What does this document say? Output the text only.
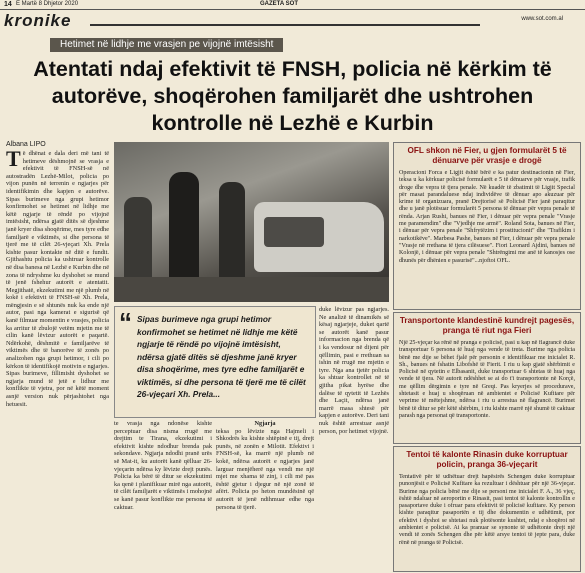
14 E Martë 8 Dhjetor 2020	GAZETA SOT
kronike	www.sot.com.al
Hetimet në lidhje me vrasjen pe vijojnë imtësisht
Atentati ndaj efektivit të FNSH, policia në kërkim të autorëve, shoqërohen familjarët dhe ushtrohen kontrolle në Lezhë e Kurbin
Albana LIPO
T ë dhënat e dala deri më tani të hetimeve dëshmojnë se vrasja e efektivit të FNSH-së në autostradën Lezhë-Milot, policia po vijon punën në terrenin e ngjarjes për identifikimin dhe kapjen e autorëve. Sipas burimeve nga grupi hetimor konfirmohet se hetimet në lidhje me këtë ngjarje të rëndë po vijojnë imtësisht, ndërsa gjatë ditës së djeshme janë kryer disa shoqërime, mes tyre edhe familjarë e viktimës, si dhe persona të tjerë me të cilët 26-vjeçari Xh. Prela kishte pasur kontakte në ditë e fundit. Gjithashtu policia ka ushtruar kontrolle në disa banesa në Lezhë e Kurbin dhe në zona të ndryshme ku dyshohet se mund të jenë fshehur autorët e atentatit. Megjithatë, ekzekutimi me një plumb në kokë i efektivit të FNSH-së Xh. Prela, mëngjesin e së shtunës nuk ka ende një autor, pasi nga kamerat e sigurisë që kanë filmuar momentin e vrasjes, policia ka arritur të zbulojë vetëm mjetin me të cilin kanë lëvizur autorët e paqartë. Ndërkohë, dëshmitë e familjarëve të viktimës dhe të banorëve të zonës po analizohen nga grupi hetimor, i cili po kërkon të identifikojë motivin e ngjarjes. Sipas burimeve, fillimisht dyshohet se ngjarja mund të jetë e lidhur me konflikte të vjetra, por në këtë moment asnjë version nuk përjashtohet nga hetuesit.
“ Sipas burimeve nga grupi hetimor konfirmohet se hetimet në lidhje me këtë ngjarje të rëndë po vijojnë imtësisht, ndërsa gjatë ditës së djeshme janë kryer disa shoqërime, mes tyre edhe familjarët e viktimës, si dhe persona të tjerë me të cilët 26-vjeçari Xh. Prela...
te vrasja nga ndonëse kishte perceptuar disa nisma rrugë me drejtim te Tirana, ekzekutimi i efektivit kishte ndodhur brenda pak sekondave. Ngjarja ndodhi pranë urës së Mat-it, ku autorët kanë qëlluar 26-vjeçarin ndërsa ky lëvizte drejt punës. Policia ka bërë të ditur se ekzekutimi ka qenë i planifikuar mirë nga autorët, të cilët familjarët e viktimës i mohojnë se kanë pasur konflikte me persona të caktuar.
Ngjarja
teksa po lëvizte nga Hajmeli i Shkodrës ku kishte shtëpinë e tij, drejt punës, në zonën e Milotit. Efektivi i FNSH-së, ka marrë një plumb në kokë, ndërsa autorët e ngjarjes janë larguar menjëherë nga vendi me një mjet me xhama të zinj, i cili më pas është gjetur i djegur në një zonë të afërt. Policia po heton mundësinë që autorët të jenë ndihmuar edhe nga persona të tjerë.
duke lëvizur pas ngjarjes. Ne analizë të dinamikës së kësaj ngjarjeje, duket qartë se autorët kanë pasur informacion nga brenda që i ka vendosur në dijeni për qëllimin, pasi e rrethuan sa ishin në rrugë me mjetin e tyre. Nga ana tjetër policia ka shtuar kontrollet në të gjitha pikat hyrëse dhe dalëse të qytetit të Lezhës dhe Laçit, ndërsa janë marrë masa shtesë për kapjen e autorëve. Deri tani nuk është arrestuar asnjë person, por hetimet vijojnë.
OFL shkon në Fier, u gjen formularët 5 të dënuarve për vrasje e drogë
Operacioni Forca e Ligjit është bërë e ka patur destinacionin në Fier, teksa u ka kërkuar policisë formularët e 5 të dënuarve për vrasje, trafik droge dhe vepra të tjera penale. Në kuadër të zbatimit të Ligjit Special për masat parandaluese ndaj individëve të dënuar apo akuzuar për krime të organizuara, pranë Drejtorisë së Policisë Fier janë paraqitur dhe u janë plotësuar formularët 5 persona të dënuar për vepra penale të rënda. Arjan Rushi, banues në Fier, i dënuar për vepra penale "Vrasje me paramendim" dhe "Vjedhje me armë". Roland Sota, banues në Fier, i dënuar për vepra penale "Shfrytëzim i prostitucionit" dhe "Trafikim i narkotikëve". Marbesa Pashe, banues në Fier, i dënuar për vepra penale "Vrasje në rrethana të tjera cilësuese". Fiori Leonard Ajdini, banues në Kolonjë, i dënuar për vepra penale "Shtrëngimi me anë të kanosjes ose dhunës për dhënien e pasurisë"...njoftoi OFL.
Transportonte klandestinë kundrejt pagesës, pranga të riut nga Fieri
Një 25-vjeçar ka rënë në pranga e policisë, pasi u kap në flagrancë duke transportuar 6 persona të huaj nga vende të treta. Burime nga policia bënë me dije se bëhet fjalë për personin e identifikuar me inicialet R. Sh., banues në fshatin Libofshë të Fierit. I riu u kap gjatë shërbimit e Policisë në qytetin e Elbasanit, duke transportuar 6 shtetas të huaj nga vende të tjera. Në autorit ndëshhet se ai do t'i transportonte në Korçë, me qëllim dërgimin e tyre në Greqi. Pas kryerjes së procedurave, shtetasit e huaj u shoqëruan në ambientet e Policisë Kufitare për veprime të mëtejshme, ndërsa i riu u arrestua në flagrancë. Burimet bënë të ditur se për këtë shërbim, i riu kishte marrë një shumë të caktuar parash nga personat që transportonte.
Tentoi të kalonte Rinasin duke korruptuar policin, pranga 36-vjeçarit
Tentativë për të udhëtuar drejt hapësirës Schengen duke korruptuar punonjësit e Policisë Kufitare ka rezultuar i dështuar për një 36-vjeçar. Burime nga policia bënë me dije se personi me inicialet F. A., 36 vjeç, është ndaluar në aeroportin e Rinasit, pasi tentoi të kalonte kontrollin e pasaportave duke i ofruar para efektivit të policisë kufitare. Ky person kishte paraqitur pasaportën e tij dhe dokumentin e udhëtimit, por efektivi i dyshoi se shtetasi nuk plotësonte kushtet, ndaj e shoqëroi në ambientet e policisë. Ai ka pranuar se synonte të udhëtonte drejt një vendi të zonës Schengen dhe për këtë arsye tentoi të jepte para, duke rënë në pranga të Policisë.
